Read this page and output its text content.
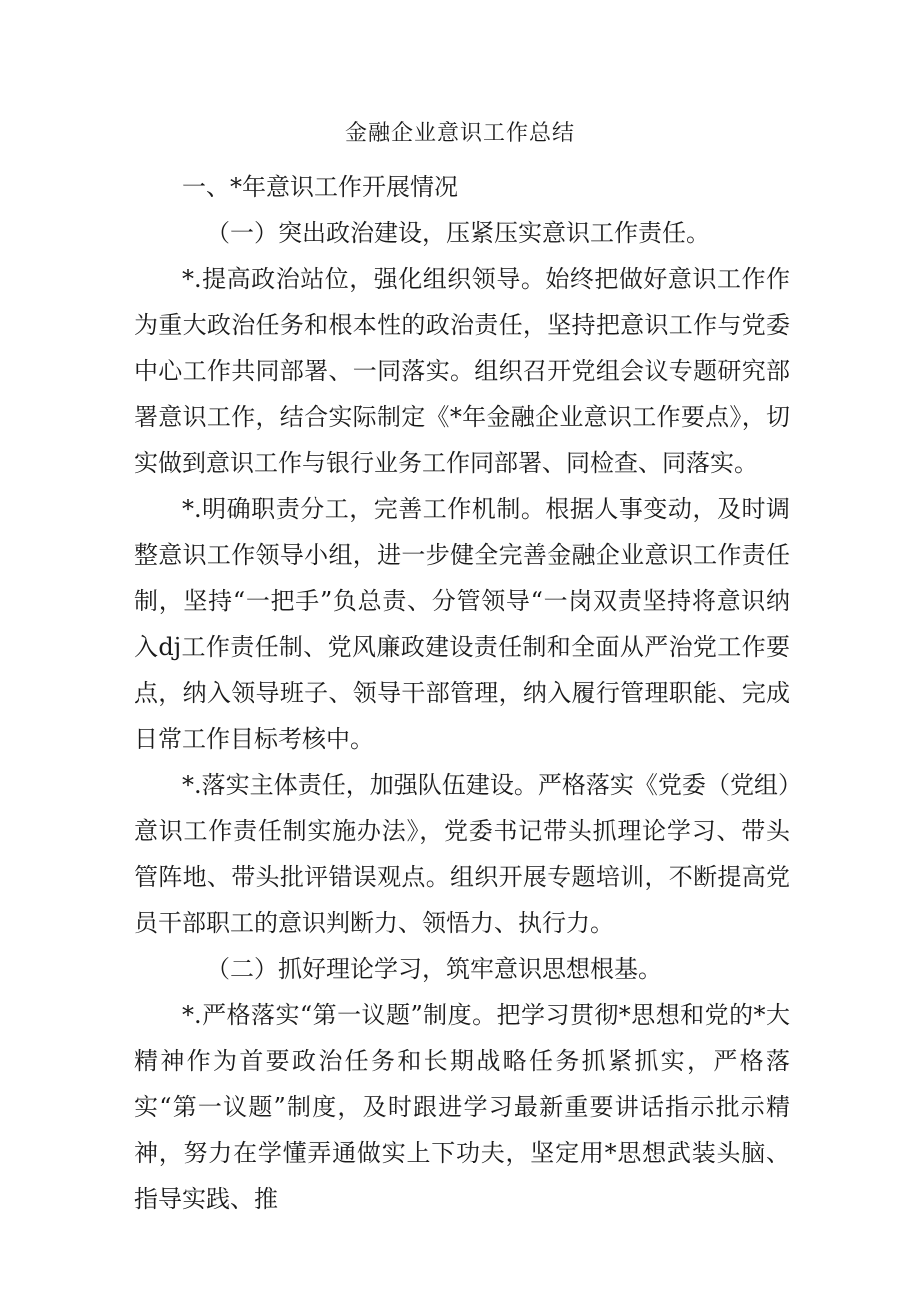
金融企业意识工作总结
一、*年意识工作开展情况
（一）突出政治建设，压紧压实意识工作责任。
*.提高政治站位，强化组织领导。始终把做好意识工作作为重大政治任务和根本性的政治责任，坚持把意识工作与党委中心工作共同部署、一同落实。组织召开党组会议专题研究部署意识工作，结合实际制定《*年金融企业意识工作要点》，切实做到意识工作与银行业务工作同部署、同检查、同落实。
*.明确职责分工，完善工作机制。根据人事变动，及时调整意识工作领导小组，进一步健全完善金融企业意识工作责任制，坚持“一把手”负总责、分管领导“一岗双责坚持将意识纳入dj工作责任制、党风廉政建设责任制和全面从严治党工作要点，纳入领导班子、领导干部管理，纳入履行管理职能、完成日常工作目标考核中。
*.落实主体责任，加强队伍建设。严格落实《党委（党组）意识工作责任制实施办法》，党委书记带头抓理论学习、带头管阵地、带头批评错误观点。组织开展专题培训，不断提高党员干部职工的意识判断力、领悟力、执行力。
（二）抓好理论学习，筑牢意识思想根基。
*.严格落实“第一议题”制度。把学习贯彻*思想和党的*大精神作为首要政治任务和长期战略任务抓紧抓实，严格落实“第一议题”制度，及时跟进学习最新重要讲话指示批示精神，努力在学懂弄通做实上下功夫，坚定用*思想武装头脑、指导实践、推
